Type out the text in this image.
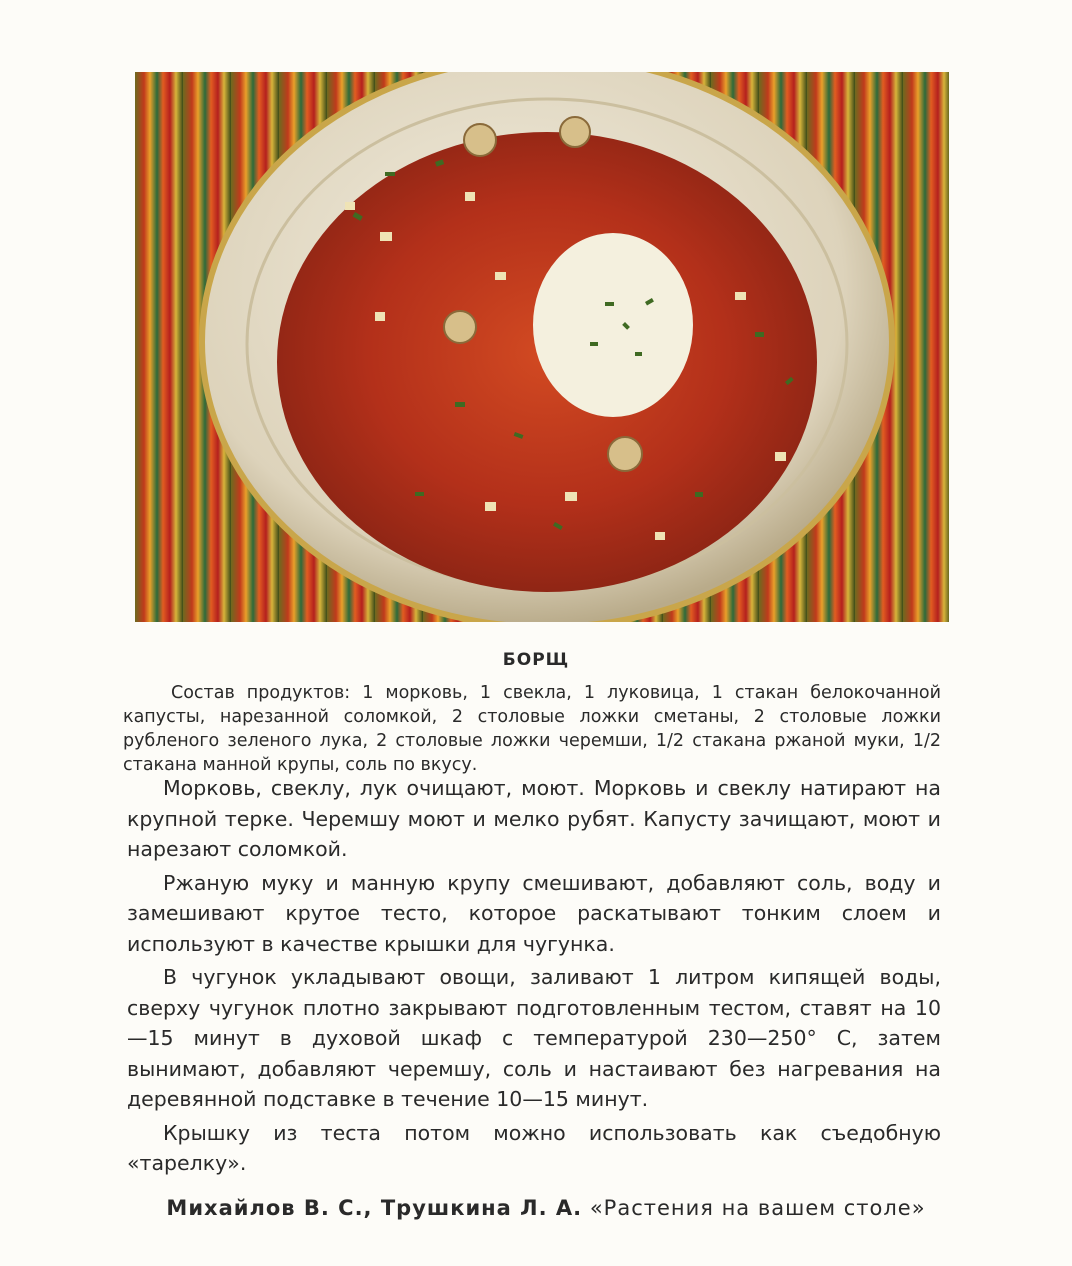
БОРЩ
Состав продуктов: 1 морковь, 1 свекла, 1 луковица, 1 стакан белокочанной капусты, нарезанной соломкой, 2 столовые ложки сметаны, 2 столовые ложки рубленого зеленого лука, 2 столовые ложки черемши, 1/2 стакана ржаной муки, 1/2 стакана манной крупы, соль по вкусу.

Морковь, свеклу, лук очищают, моют. Морковь и свеклу натирают на крупной терке. Черемшу моют и мелко рубят. Капусту зачищают, моют и нарезают соломкой.

Ржаную муку и манную крупу смешивают, добавляют соль, воду и замешивают крутое тесто, которое раскатывают тонким слоем и используют в качестве крышки для чугунка.

В чугунок укладывают овощи, заливают 1 литром кипящей воды, сверху чугунок плотно закрывают подготовленным тестом, ставят на 10—15 минут в духовой шкаф с температурой 230—250° С, затем вынимают, добавляют черемшу, соль и настаивают без нагревания на деревянной подставке в течение 10—15 минут.

Крышку из теста потом можно использовать как съедобную «тарелку».

Михайлов В. С., Трушкина Л. А. «Растения на вашем столе»
